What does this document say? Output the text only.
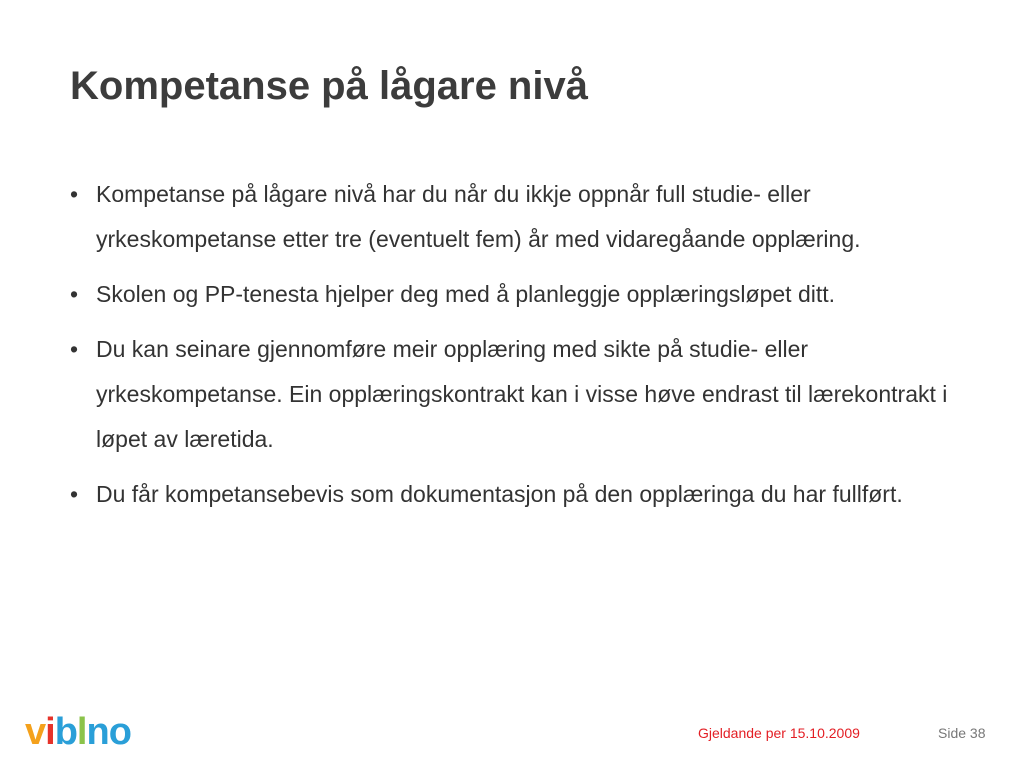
Kompetanse på lågare nivå
• Kompetanse på lågare nivå har du når du ikkje oppnår full studie- eller yrkeskompetanse etter tre (eventuelt fem) år med vidaregåande opplæring.
• Skolen og PP-tenesta hjelper deg med å planleggje opplæringsløpet ditt.
• Du kan seinare gjennomføre meir opplæring med sikte på studie- eller yrkeskompetanse. Ein opplæringskontrakt kan i visse høve endrast til lærekontrakt i løpet av læretida.
• Du får kompetansebevis som dokumentasjon på den opplæringa du har fullført.
viblno	Gjeldande per 15.10.2009	Side 38
